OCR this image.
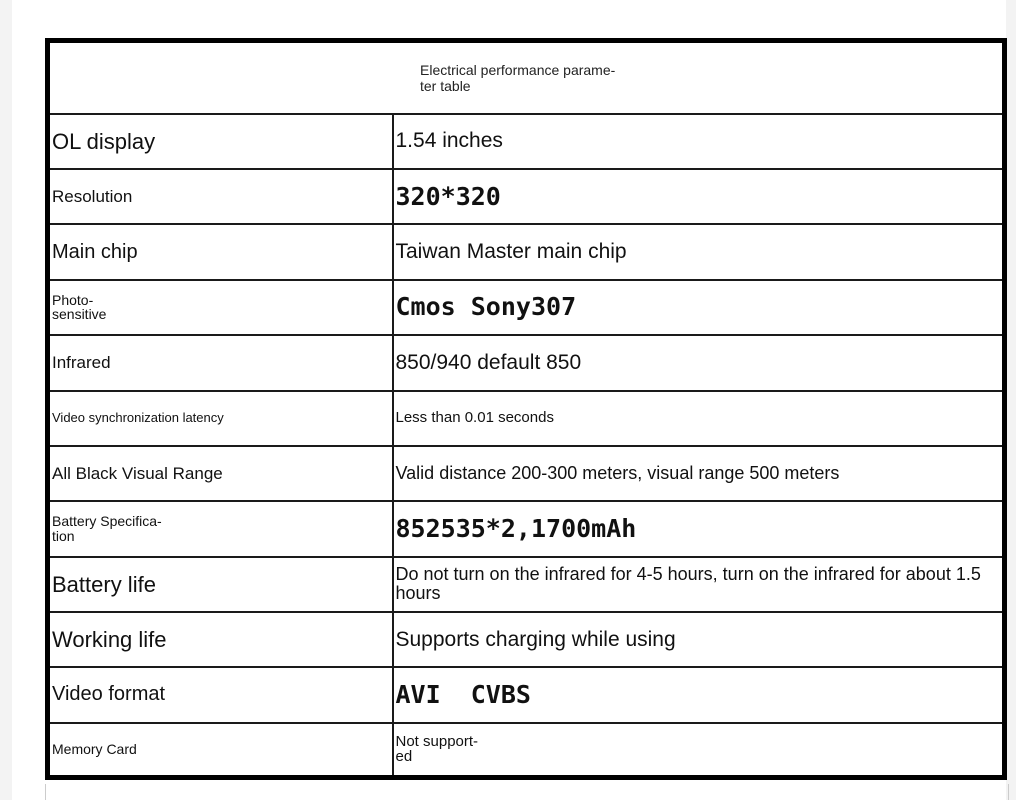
Electrical performance parame-
ter table	

OL display	1.54 inches
Resolution	320*320
Main chip	Taiwan Master main chip
Photo-
sensitive	Cmos Sony307
Infrared	850/940 default 850
Video synchronization latency	Less than 0.01 seconds
All Black Visual Range	Valid distance 200-300 meters, visual range 500 meters
Battery Specifica-
tion	852535*2,1700mAh
Battery life	Do not turn on the infrared for 4-5 hours, turn on the infrared for about 1.5 hours
Working life	Supports charging while using
Video format	AVI  CVBS
Memory Card	Not support-
ed
